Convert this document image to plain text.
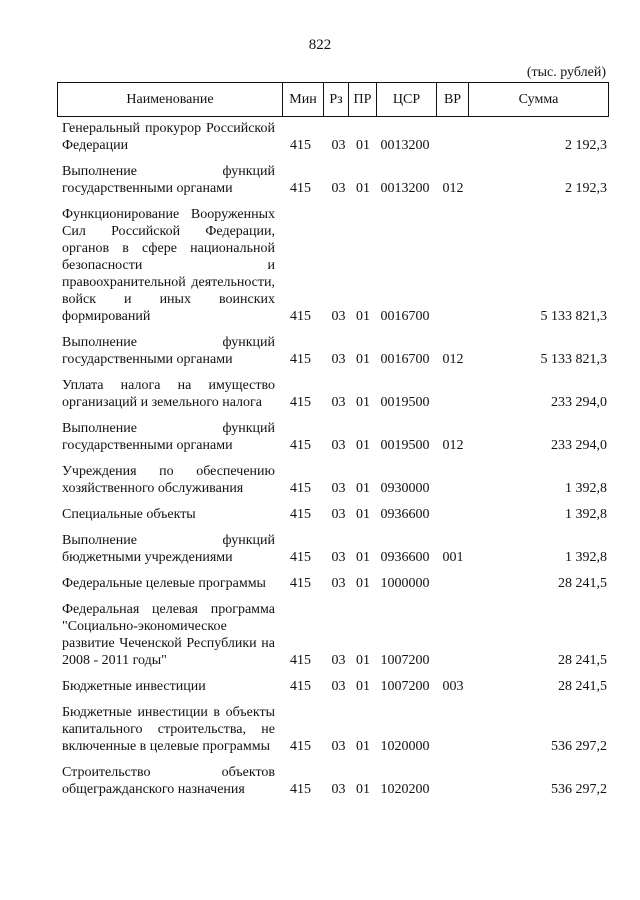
822
(тыс. рублей)
Наименование	Мин Рз ПР	ЦСР	ВР	Сумма
Генеральный прокурор Российской Федерации	415	03 01 0013200	2 192,3
Выполнение функций государственными органами	415	03 01 0013200 012	2 192,3
Функционирование Вооруженных Сил Российской Федерации, органов в сфере национальной безопасности и правоохранительной деятельности, войск и иных воинских формирований	415	03 01 0016700	5 133 821,3
Выполнение функций государственными органами	415	03 01 0016700 012	5 133 821,3
Уплата налога на имущество организаций и земельного налога	415	03 01 0019500	233 294,0
Выполнение функций государственными органами	415	03 01 0019500 012	233 294,0
Учреждения по обеспечению хозяйственного обслуживания	415	03 01 0930000	1 392,8
Специальные объекты	415	03 01 0936600	1 392,8
Выполнение функций бюджетными учреждениями	415	03 01 0936600 001	1 392,8
Федеральные целевые программы	415	03 01 1000000	28 241,5
Федеральная целевая программа "Социально-экономическое развитие Чеченской Республики на 2008 - 2011 годы"	415	03 01 1007200	28 241,5
Бюджетные инвестиции	415	03 01 1007200 003	28 241,5
Бюджетные инвестиции в объекты капитального строительства, не включенные в целевые программы	415	03 01 1020000	536 297,2
Строительство объектов общегражданского назначения	415	03 01 1020200	536 297,2
